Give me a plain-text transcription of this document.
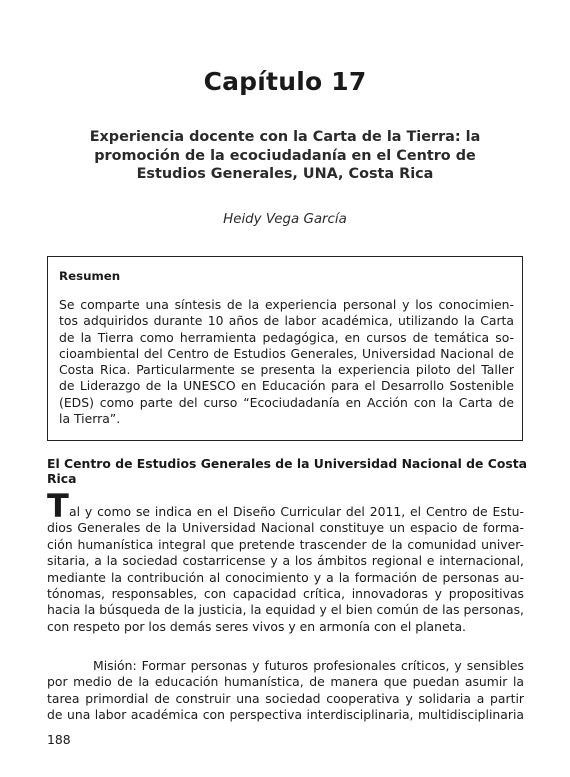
Capítulo 17
Experiencia docente con la Carta de la Tierra: la
promoción de la ecociudadanía en el Centro de
Estudios Generales, UNA, Costa Rica
Heidy Vega García
Resumen
Se comparte una síntesis de la experiencia personal y los conocimien-
tos adquiridos durante 10 años de labor académica, utilizando la Carta
de la Tierra como herramienta pedagógica, en cursos de temática so-
cioambiental del Centro de Estudios Generales, Universidad Nacional de
Costa Rica. Particularmente se presenta la experiencia piloto del Taller
de Liderazgo de la UNESCO en Educación para el Desarrollo Sostenible
(EDS) como parte del curso “Ecociudadanía en Acción con la Carta de
la Tierra”.
El Centro de Estudios Generales de la Universidad Nacional de Costa
Rica
T al y como se indica en el Diseño Curricular del 2011, el Centro de Estu-
dios Generales de la Universidad Nacional constituye un espacio de forma-
ción humanística integral que pretende trascender de la comunidad univer-
sitaria, a la sociedad costarricense y a los ámbitos regional e internacional,
mediante la contribución al conocimiento y a la formación de personas au-
tónomas, responsables, con capacidad crítica, innovadoras y propositivas
hacia la búsqueda de la justicia, la equidad y el bien común de las personas,
con respeto por los demás seres vivos y en armonía con el planeta.
Misión: Formar personas y futuros profesionales críticos, y sensibles
por medio de la educación humanística, de manera que puedan asumir la
tarea primordial de construir una sociedad cooperativa y solidaria a partir
de una labor académica con perspectiva interdisciplinaria, multidisciplinaria
188
